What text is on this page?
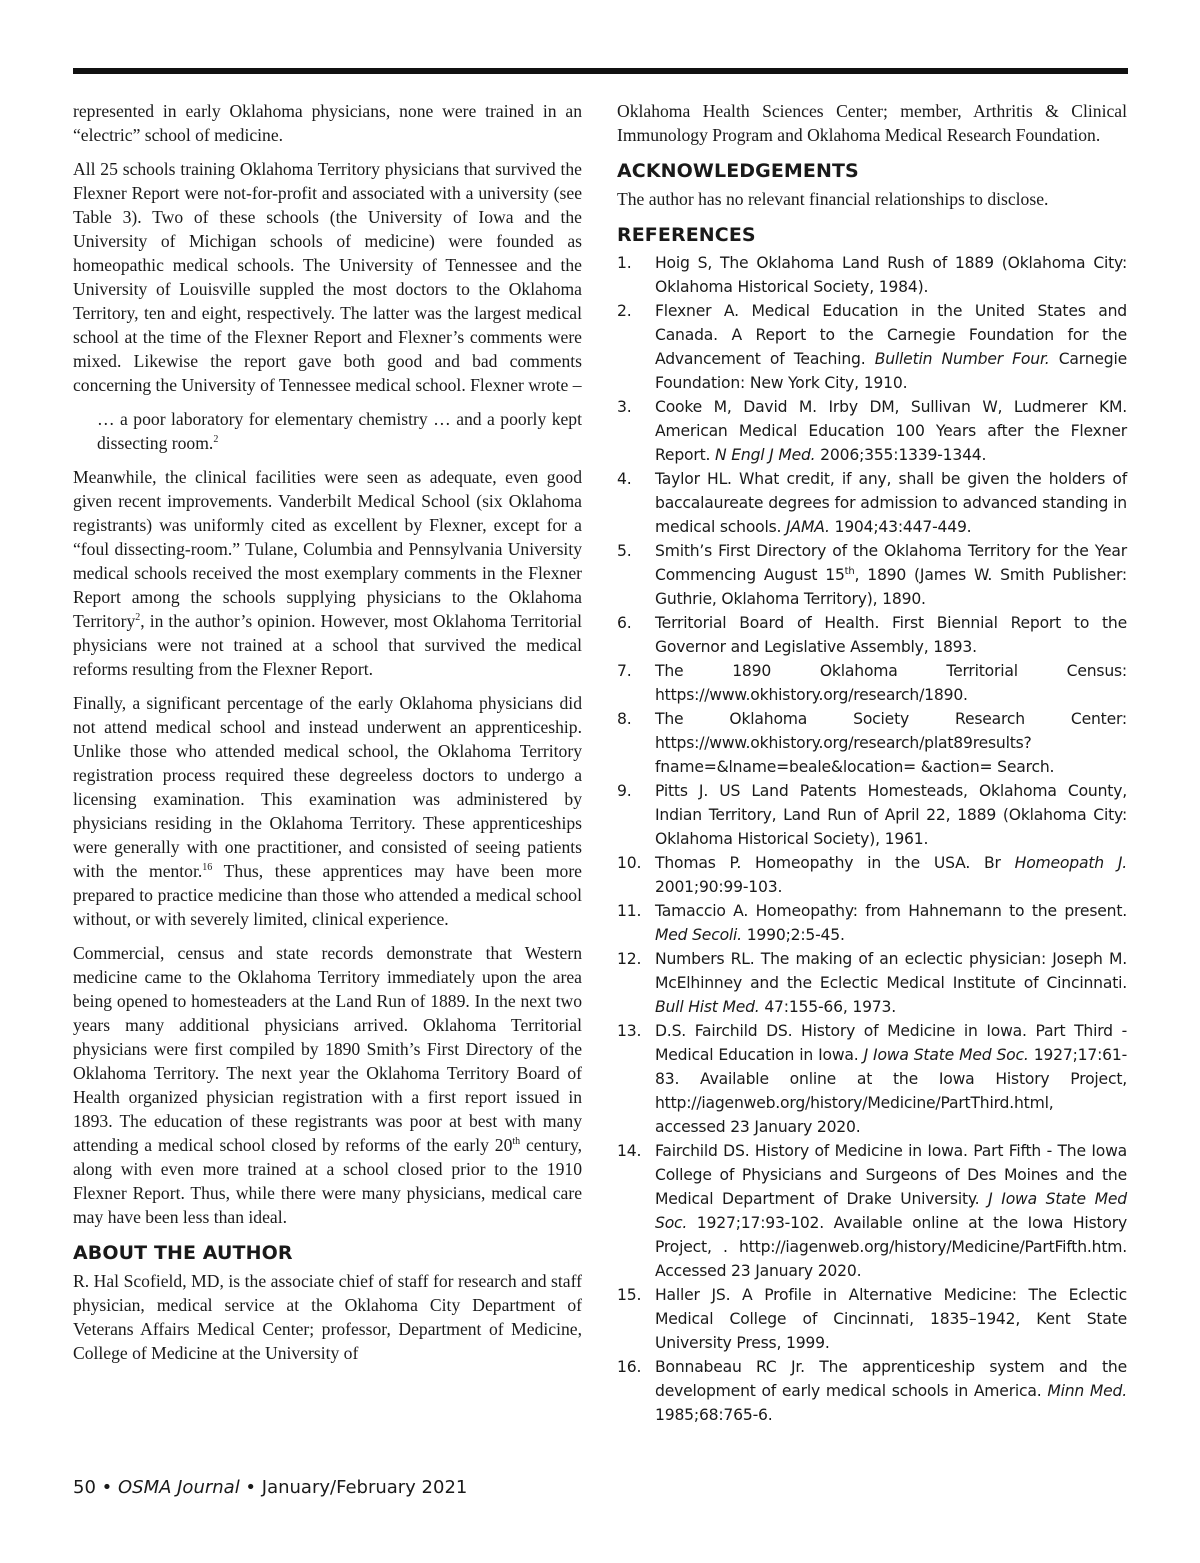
represented in early Oklahoma physicians, none were trained in an “electric” school of medicine.

All 25 schools training Oklahoma Territory physicians that survived the Flexner Report were not-for-profit and associated with a university (see Table 3). Two of these schools (the University of Iowa and the University of Michigan schools of medicine) were founded as homeopathic medical schools. The University of Tennessee and the University of Louisville suppled the most doctors to the Oklahoma Territory, ten and eight, respectively. The latter was the largest medical school at the time of the Flexner Report and Flexner’s comments were mixed. Likewise the report gave both good and bad comments concerning the University of Tennessee medical school. Flexner wrote –

… a poor laboratory for elementary chemistry … and a poorly kept dissecting room.$^2$

Meanwhile, the clinical facilities were seen as adequate, even good given recent improvements. Vanderbilt Medical School (six Oklahoma registrants) was uniformly cited as excellent by Flexner, except for a “foul dissecting-room.” Tulane, Columbia and Pennsylvania University medical schools received the most exemplary comments in the Flexner Report among the schools supplying physicians to the Oklahoma Territory$^2$, in the author’s opinion. However, most Oklahoma Territorial physicians were not trained at a school that survived the medical reforms resulting from the Flexner Report.

Finally, a significant percentage of the early Oklahoma physicians did not attend medical school and instead underwent an apprenticeship. Unlike those who attended medical school, the Oklahoma Territory registration process required these degreeless doctors to undergo a licensing examination. This examination was administered by physicians residing in the Oklahoma Territory. These apprenticeships were generally with one practitioner, and consisted of seeing patients with the mentor.$^{16}$ Thus, these apprentices may have been more prepared to practice medicine than those who attended a medical school without, or with severely limited, clinical experience.

Commercial, census and state records demonstrate that Western medicine came to the Oklahoma Territory immediately upon the area being opened to homesteaders at the Land Run of 1889. In the next two years many additional physicians arrived. Oklahoma Territorial physicians were first compiled by 1890 Smith’s First Directory of the Oklahoma Territory. The next year the Oklahoma Territory Board of Health organized physician registration with a first report issued in 1893. The education of these registrants was poor at best with many attending a medical school closed by reforms of the early 20th century, along with even more trained at a school closed prior to the 1910 Flexner Report. Thus, while there were many physicians, medical care may have been less than ideal.

ABOUT THE AUTHOR

R. Hal Scofield, MD, is the associate chief of staff for research and staff physician, medical service at the Oklahoma City Department of Veterans Affairs Medical Center; professor, Department of Medicine, College of Medicine at the University of

Oklahoma Health Sciences Center; member, Arthritis & Clinical Immunology Program and Oklahoma Medical Research Foundation.

ACKNOWLEDGEMENTS

The author has no relevant financial relationships to disclose.

REFERENCES
1. Hoig S, The Oklahoma Land Rush of 1889 (Oklahoma City: Oklahoma Historical Society, 1984).
2. Flexner A. Medical Education in the United States and Canada. A Report to the Carnegie Foundation for the Advancement of Teaching. Bulletin Number Four. Carnegie Foundation: New York City, 1910.
3. Cooke M, David M. Irby DM, Sullivan W, Ludmerer KM. American Medical Education 100 Years after the Flexner Report. N Engl J Med. 2006;355:1339-1344.
4. Taylor HL. What credit, if any, shall be given the holders of baccalaureate degrees for admission to advanced standing in medical schools. JAMA. 1904;43:447-449.
5. Smith’s First Directory of the Oklahoma Territory for the Year Commencing August 15th, 1890 (James W. Smith Publisher: Guthrie, Oklahoma Territory), 1890.
6. Territorial Board of Health. First Biennial Report to the Governor and Legislative Assembly, 1893.
7. The 1890 Oklahoma Territorial Census: https://www.okhistory.org/research/1890.
8. The Oklahoma Society Research Center: https://www.okhistory.org/research/plat89results?fname=&lname=beale&location= &action= Search.
9. Pitts J. US Land Patents Homesteads, Oklahoma County, Indian Territory, Land Run of April 22, 1889 (Oklahoma City: Oklahoma Historical Society), 1961.
10. Thomas P. Homeopathy in the USA. Br Homeopath J. 2001;90:99-103.
11. Tamaccio A. Homeopathy: from Hahnemann to the present. Med Secoli. 1990;2:5-45.
12. Numbers RL. The making of an eclectic physician: Joseph M. McElhinney and the Eclectic Medical Institute of Cincinnati. Bull Hist Med. 47:155-66, 1973.
13. D.S. Fairchild DS. History of Medicine in Iowa. Part Third - Medical Education in Iowa. J Iowa State Med Soc. 1927;17:61-83. Available online at the Iowa History Project, http://iagenweb.org/history/Medicine/PartThird.html, accessed 23 January 2020.
14. Fairchild DS. History of Medicine in Iowa. Part Fifth - The Iowa College of Physicians and Surgeons of Des Moines and the Medical Department of Drake University. J Iowa State Med Soc. 1927;17:93-102. Available online at the Iowa History Project, . http://iagenweb.org/history/Medicine/PartFifth.htm. Accessed 23 January 2020.
15. Haller JS. A Profile in Alternative Medicine: The Eclectic Medical College of Cincinnati, 1835–1942, Kent State University Press, 1999.
16. Bonnabeau RC Jr. The apprenticeship system and the development of early medical schools in America. Minn Med. 1985;68:765-6.
50 • OSMA Journal • January/February 2021
